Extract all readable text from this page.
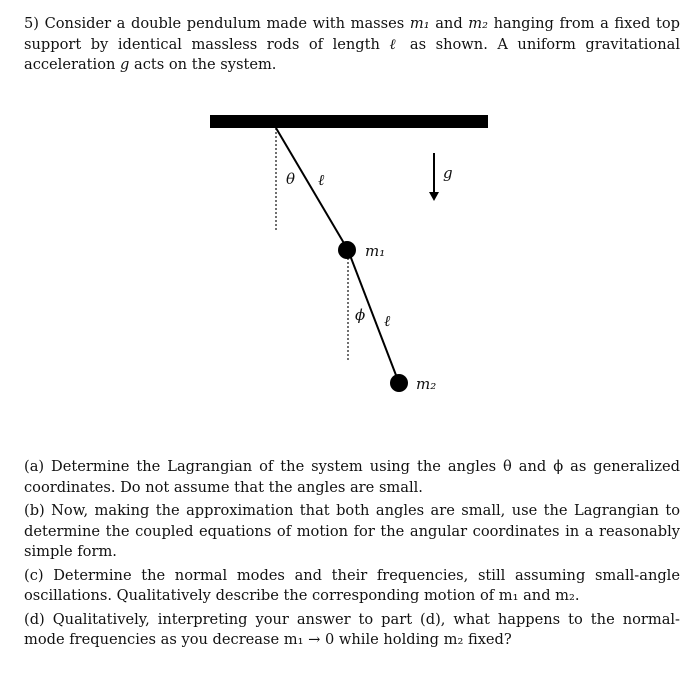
5) Consider a double pendulum made with masses m₁ and m₂ hanging from a fixed top support by identical massless rods of length ℓ as shown. A uniform gravitational acceleration g acts on the system.
θ ℓ
m₁
ϕ ℓ
m₂
g

(a) Determine the Lagrangian of the system using the angles θ and ϕ as generalized coordinates. Do not assume that the angles are small.

(b) Now, making the approximation that both angles are small, use the Lagrangian to determine the coupled equations of motion for the angular coordinates in a reasonably simple form.

(c) Determine the normal modes and their frequencies, still assuming small-angle oscillations. Qualitatively describe the corresponding motion of m₁ and m₂.

(d) Qualitatively, interpreting your answer to part (d), what happens to the normal-mode frequencies as you decrease m₁ → 0 while holding m₂ fixed?
